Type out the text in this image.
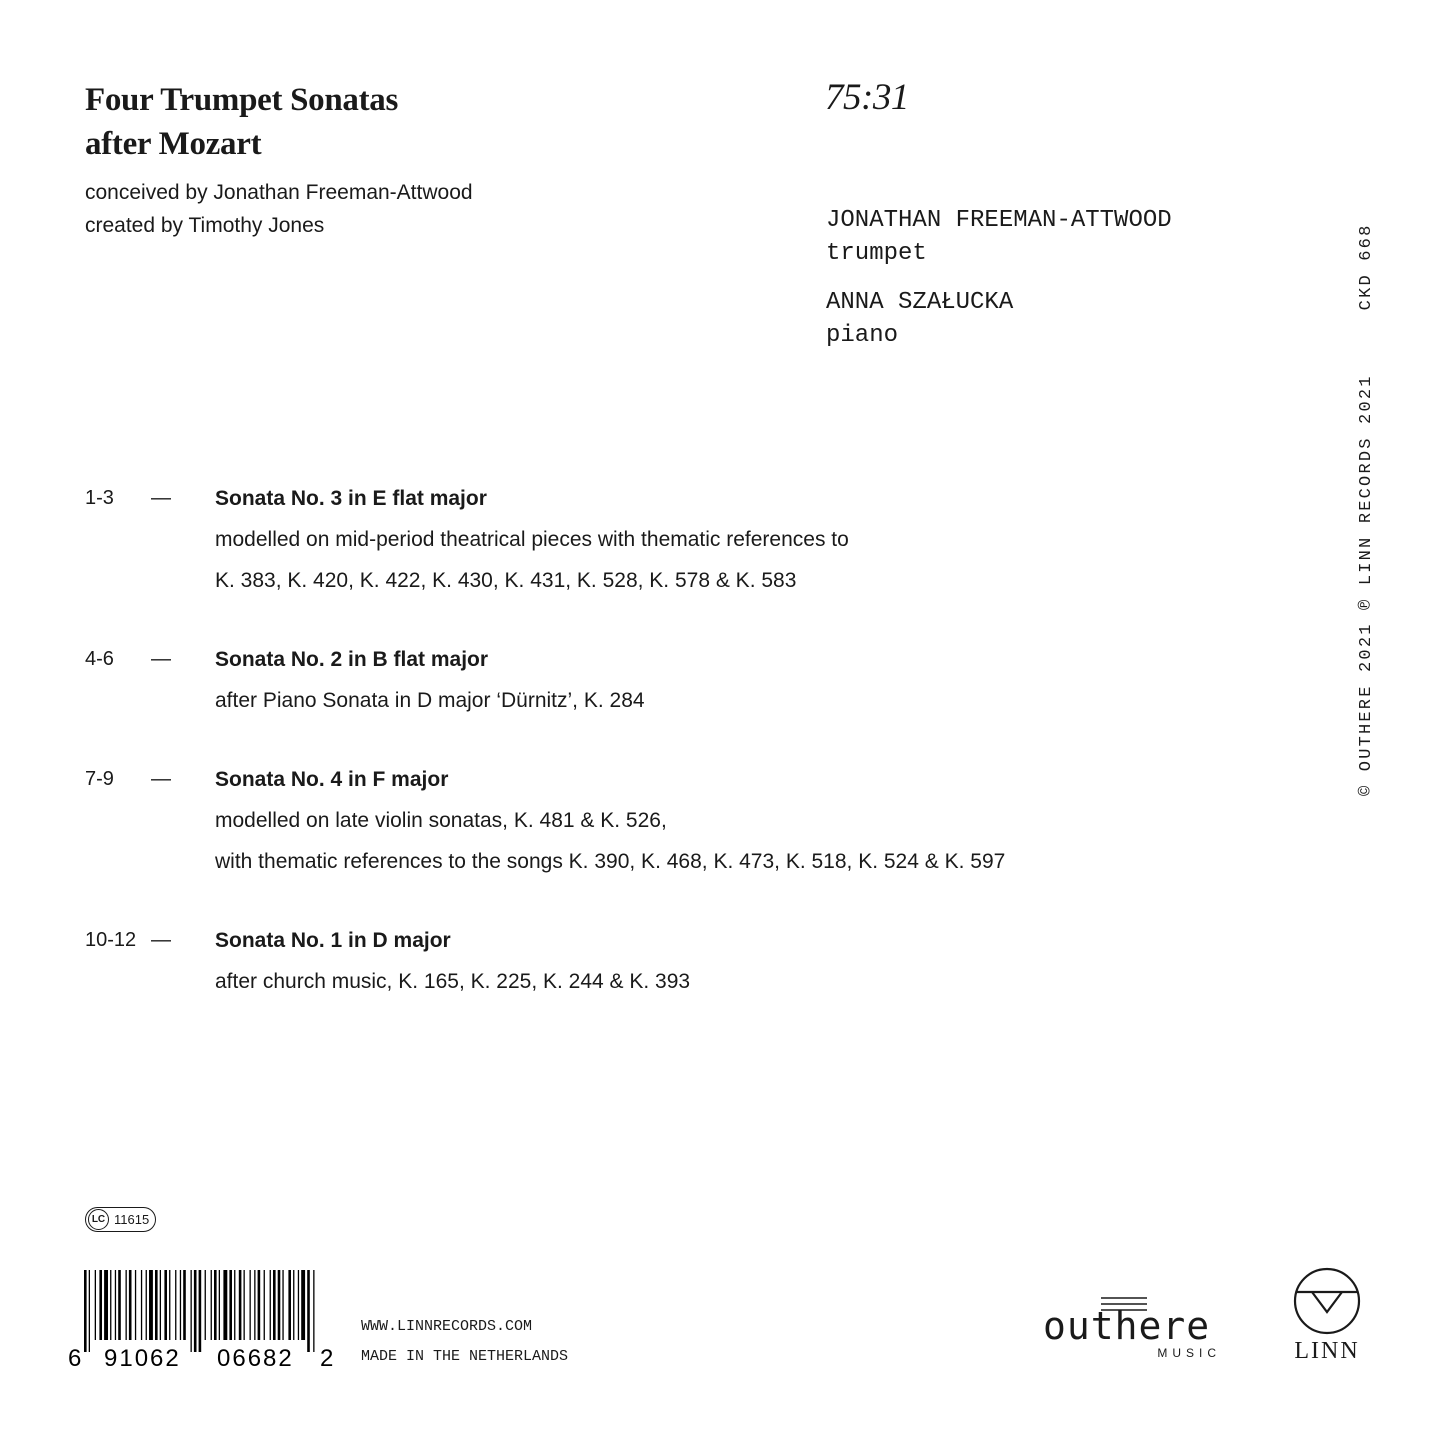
Four Trumpet Sonatas
after Mozart
conceived by Jonathan Freeman-Attwood
created by Timothy Jones
75:31
JONATHAN FREEMAN-ATTWOOD
trumpet
ANNA SZAŁUCKA
piano
© OUTHERE 2021 ℗ LINN RECORDS 2021CKD 668
1-3 — Sonata No. 3 in E flat major
modelled on mid-period theatrical pieces with thematic references to
K. 383, K. 420, K. 422, K. 430, K. 431, K. 528, K. 578 & K. 583
4-6 — Sonata No. 2 in B flat major
after Piano Sonata in D major ‘Dürnitz’, K. 284
7-9 — Sonata No. 4 in F major
modelled on late violin sonatas, K. 481 & K. 526,
with thematic references to the songs K. 390, K. 468, K. 473, K. 518, K. 524 & K. 597
10-12 — Sonata No. 1 in D major
after church music, K. 165, K. 225, K. 244 & K. 393
LC 11615
6 91062 06682 2
WWW.LINNRECORDS.COM
MADE IN THE NETHERLANDS
outhere
MUSIC	LINN
